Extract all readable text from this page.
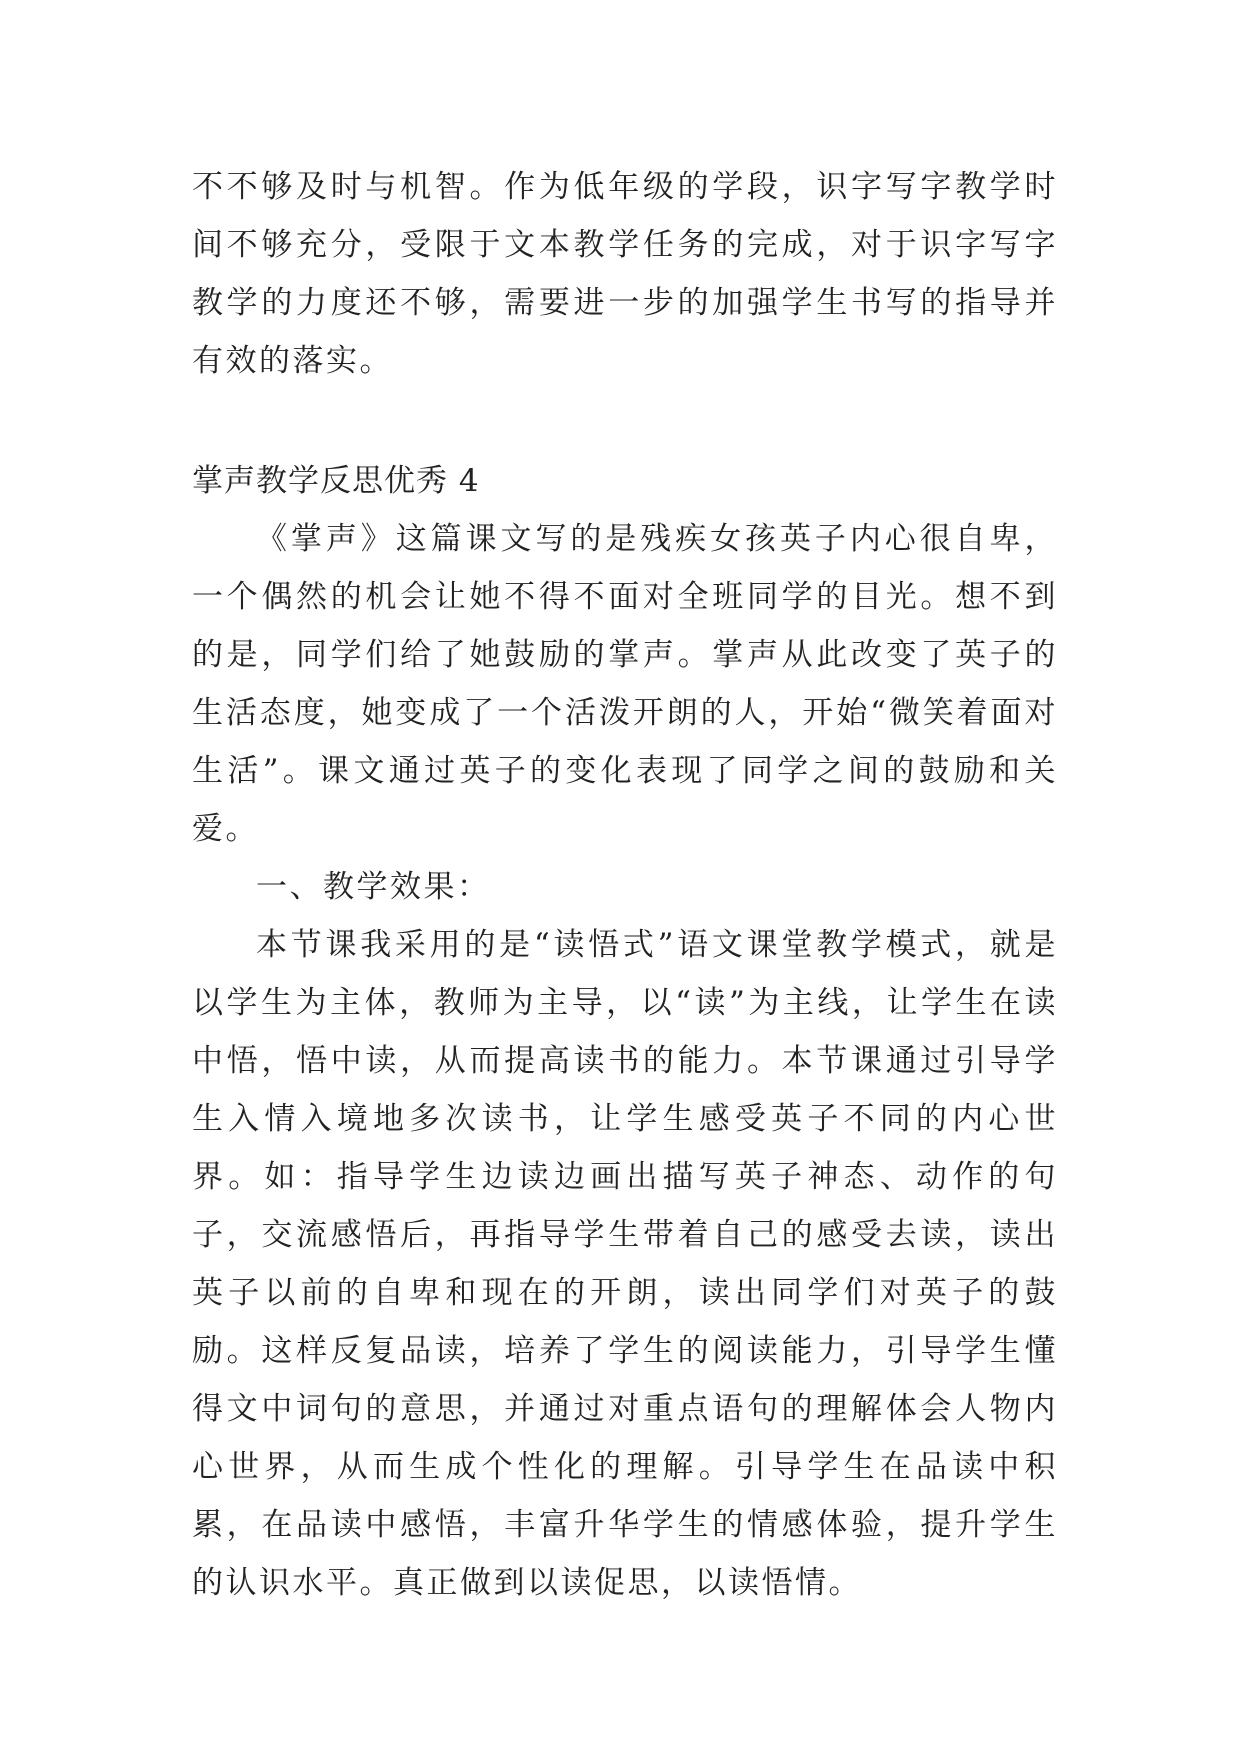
不不够及时与机智。作为低年级的学段，识字写字教学时间不够充分，受限于文本教学任务的完成，对于识字写字教学的力度还不够，需要进一步的加强学生书写的指导并有效的落实。

掌声教学反思优秀 4

《掌声》这篇课文写的是残疾女孩英子内心很自卑，一个偶然的机会让她不得不面对全班同学的目光。想不到的是，同学们给了她鼓励的掌声。掌声从此改变了英子的生活态度，她变成了一个活泼开朗的人，开始“微笑着面对生活”。课文通过英子的变化表现了同学之间的鼓励和关爱。

一、教学效果：

本节课我采用的是“读悟式”语文课堂教学模式，就是以学生为主体，教师为主导，以“读”为主线，让学生在读中悟，悟中读，从而提高读书的能力。本节课通过引导学生入情入境地多次读书，让学生感受英子不同的内心世界。如：指导学生边读边画出描写英子神态、动作的句子，交流感悟后，再指导学生带着自己的感受去读，读出英子以前的自卑和现在的开朗，读出同学们对英子的鼓励。这样反复品读，培养了学生的阅读能力，引导学生懂得文中词句的意思，并通过对重点语句的理解体会人物内心世界，从而生成个性化的理解。引导学生在品读中积累，在品读中感悟，丰富升华学生的情感体验，提升学生的认识水平。真正做到以读促思，以读悟情。
